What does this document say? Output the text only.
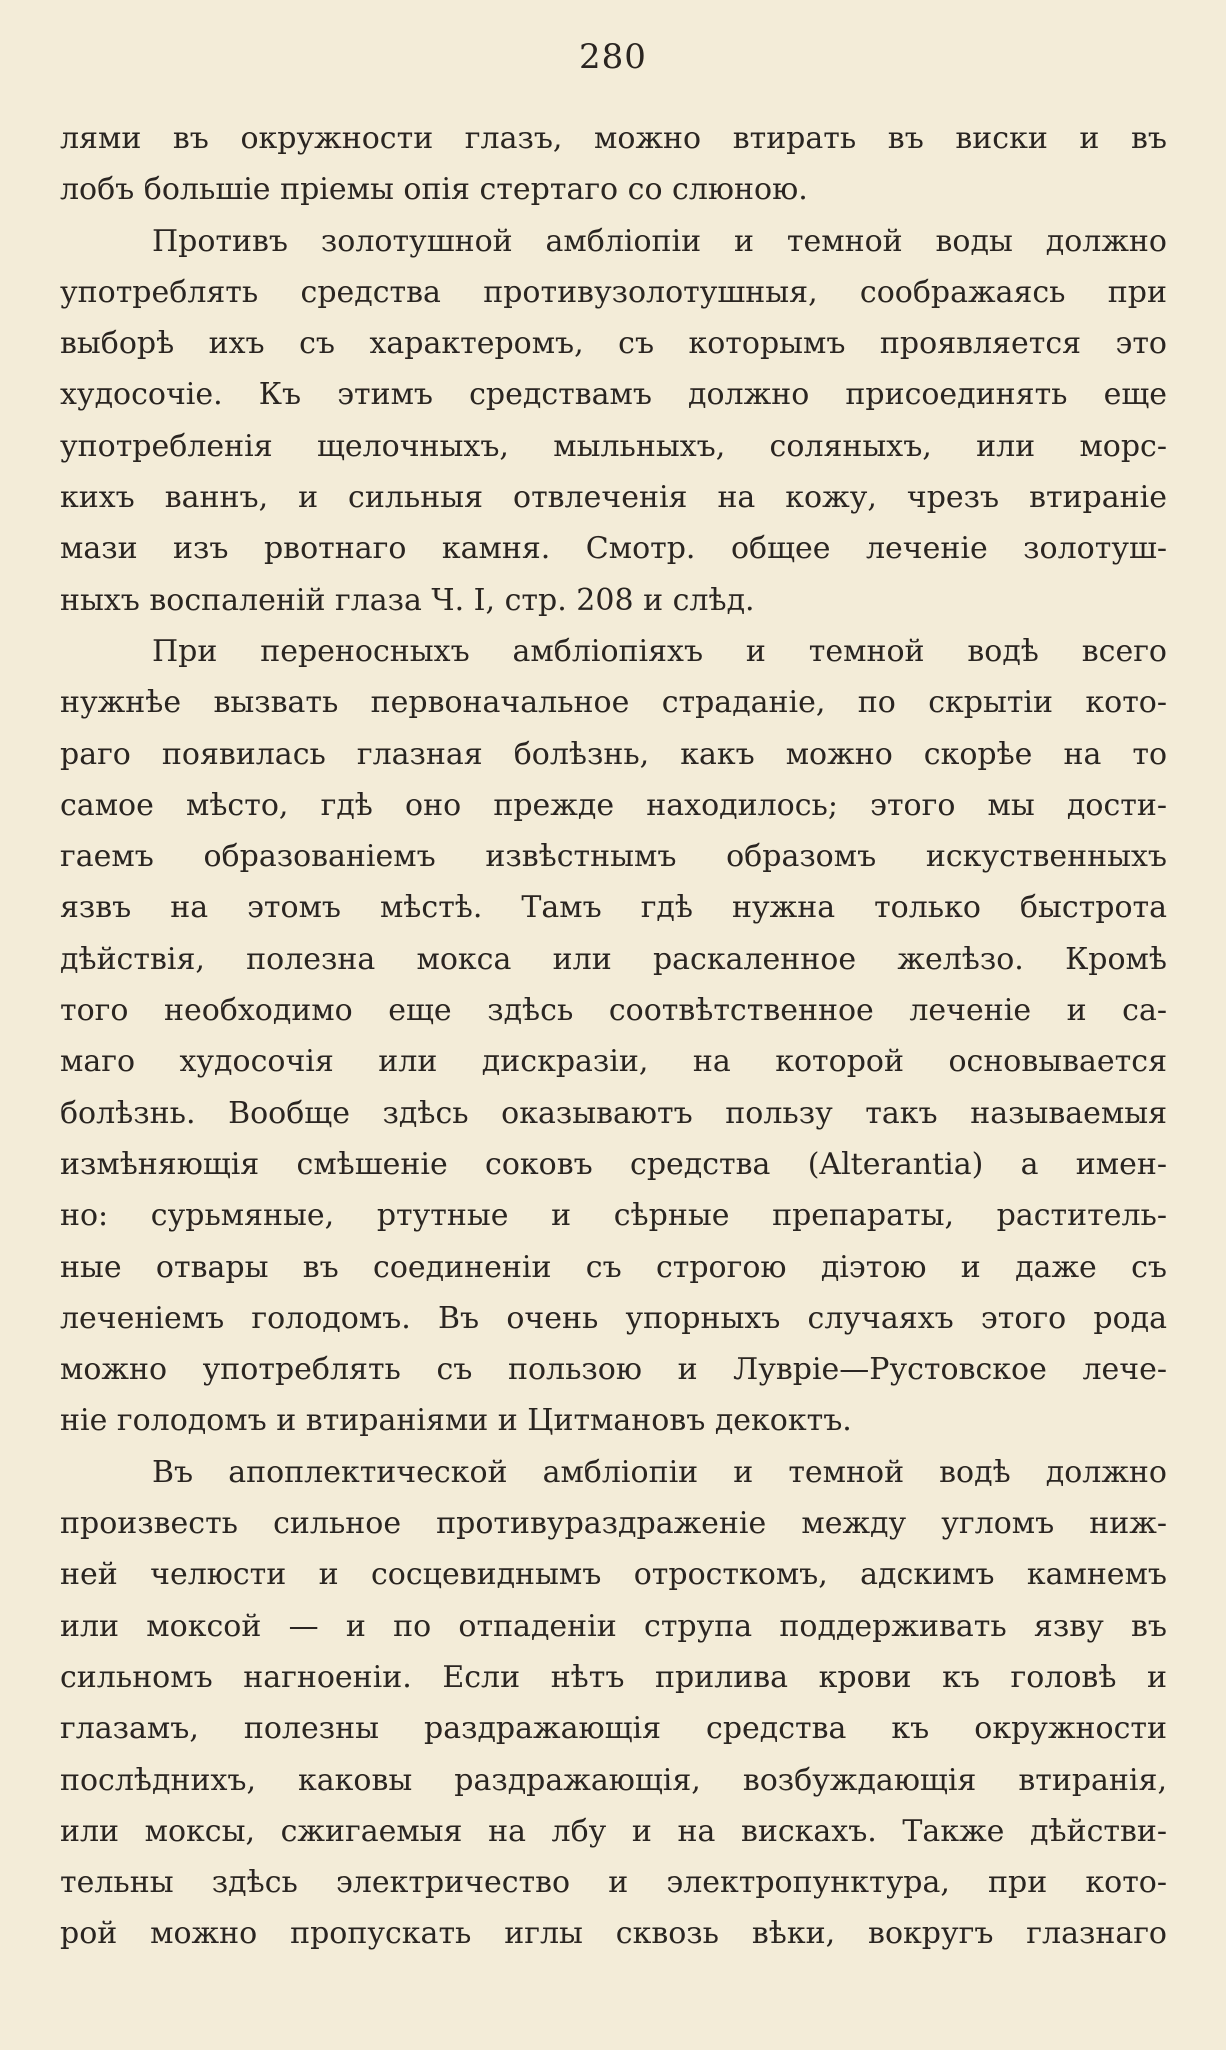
280
лями въ окружности глазъ, можно втирать въ виски и въ
лобъ большіе пріемы опія стертаго со слюною.
Противъ золотушной амбліопіи и темной воды должно
употреблять средства противузолотушныя, соображаясь при
выборѣ ихъ съ характеромъ, съ которымъ проявляется это
худосочіе. Къ этимъ средствамъ должно присоединять еще
употребленія щелочныхъ, мыльныхъ, соляныхъ, или морс-
кихъ ваннъ, и сильныя отвлеченія на кожу, чрезъ втираніе
мази изъ рвотнаго камня. Смотр. общее леченіе золотуш-
ныхъ воспаленій глаза Ч. I, стр. 208 и слѣд.
При переносныхъ амбліопіяхъ и темной водѣ всего
нужнѣе вызвать первоначальное страданіе, по скрытіи кото-
раго появилась глазная болѣзнь, какъ можно скорѣе на то
самое мѣсто, гдѣ оно прежде находилось; этого мы дости-
гаемъ образованіемъ извѣстнымъ образомъ искуственныхъ
язвъ на этомъ мѣстѣ. Тамъ гдѣ нужна только быстрота
дѣйствія, полезна мокса или раскаленное желѣзо. Кромѣ
того необходимо еще здѣсь соотвѣтственное леченіе и са-
маго худосочія или дискразіи, на которой основывается
болѣзнь. Вообще здѣсь оказываютъ пользу такъ называемыя
измѣняющія смѣшеніе соковъ средства (Alterantia) а имен-
но: сурьмяные, ртутные и сѣрные препараты, раститель-
ные отвары въ соединеніи съ строгою діэтою и даже съ
леченіемъ голодомъ. Въ очень упорныхъ случаяхъ этого рода
можно употреблять съ пользою и Луврiе—Рустовское лече-
ніе голодомъ и втираніями и Цитмановъ декоктъ.
Въ апоплектической амбліопіи и темной водѣ должно
произвесть сильное противураздраженіе между угломъ ниж-
ней челюсти и сосцевиднымъ отросткомъ, адскимъ камнемъ
или моксой — и по отпаденіи струпа поддерживать язву въ
сильномъ нагноеніи. Если нѣтъ прилива крови къ головѣ и
глазамъ, полезны раздражающія средства къ окружности
послѣднихъ, каковы раздражающія, возбуждающія втиранія,
или моксы, сжигаемыя на лбу и на вискахъ. Также дѣйстви-
тельны здѣсь электричество и электропунктура, при кото-
рой можно пропускать иглы сквозь вѣки, вокругъ глазнаго
